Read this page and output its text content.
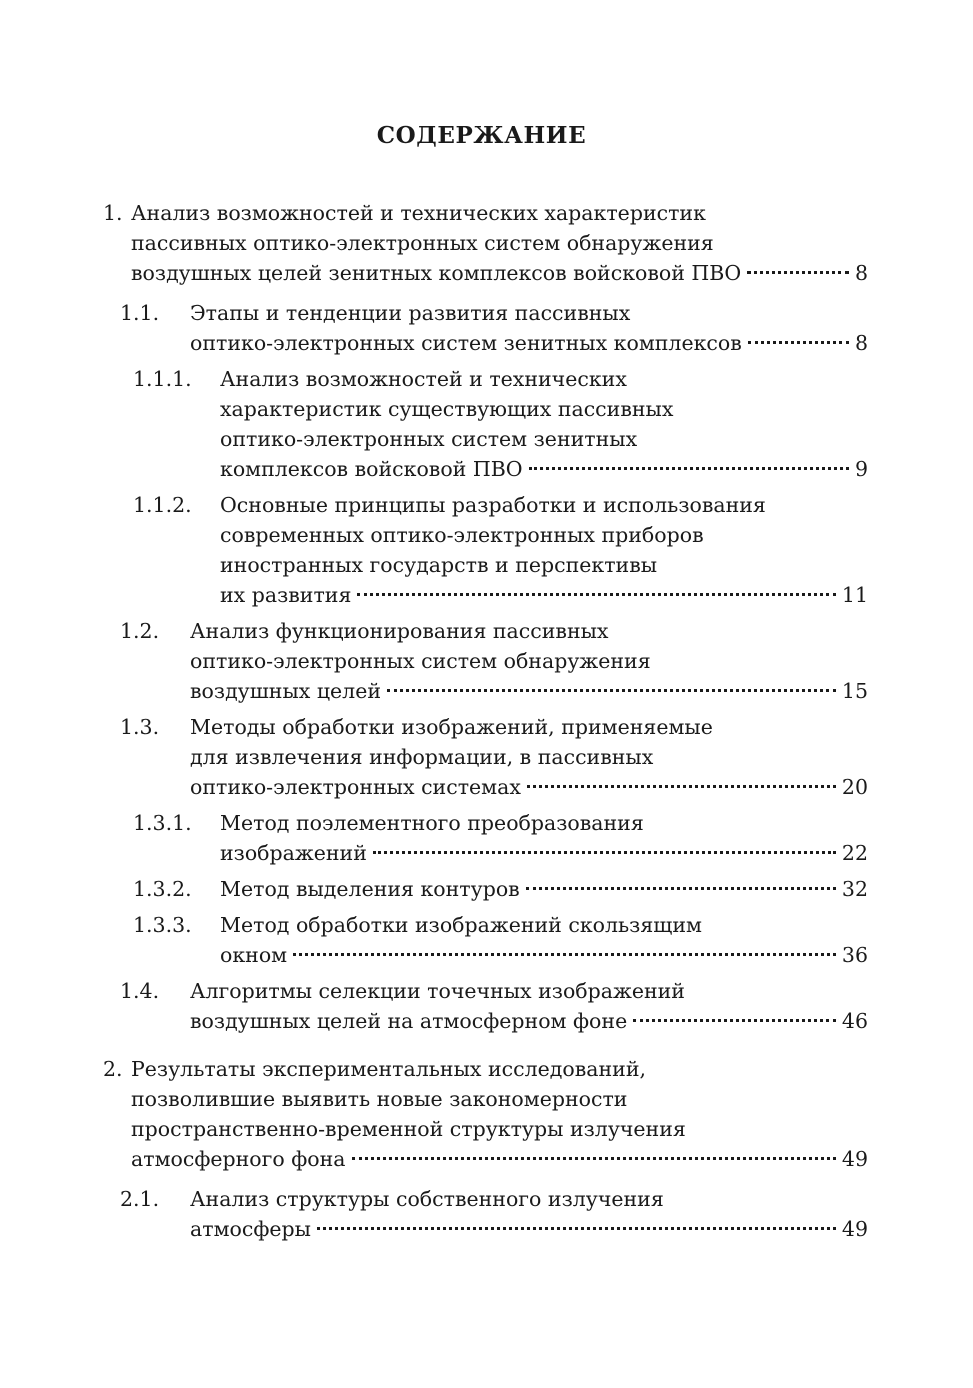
СОДЕРЖАНИЕ
1. Анализ возможностей и технических характеристик
пассивных оптико-электронных систем обнаружения
воздушных целей зенитных комплексов войсковой ПВО	8
1.1. Этапы и тенденции развития пассивных
оптико-электронных систем зенитных комплексов	8
1.1.1. Анализ возможностей и технических
характеристик существующих пассивных
оптико-электронных систем зенитных
комплексов войсковой ПВО	9
1.1.2. Основные принципы разработки и использования
современных оптико-электронных приборов
иностранных государств и перспективы
их развития	11
1.2. Анализ функционирования пассивных
оптико-электронных систем обнаружения
воздушных целей	15
1.3. Методы обработки изображений, применяемые
для извлечения информации, в пассивных
оптико-электронных системах	20
1.3.1. Метод поэлементного преобразования
изображений	22
1.3.2. Метод выделения контуров	32
1.3.3. Метод обработки изображений скользящим
окном	36
1.4. Алгоритмы селекции точечных изображений
воздушных целей на атмосферном фоне	46
2. Результаты экспериментальных исследований,
позволившие выявить новые закономерности
пространственно-временной структуры излучения
атмосферного фона	49
2.1. Анализ структуры собственного излучения
атмосферы	49
